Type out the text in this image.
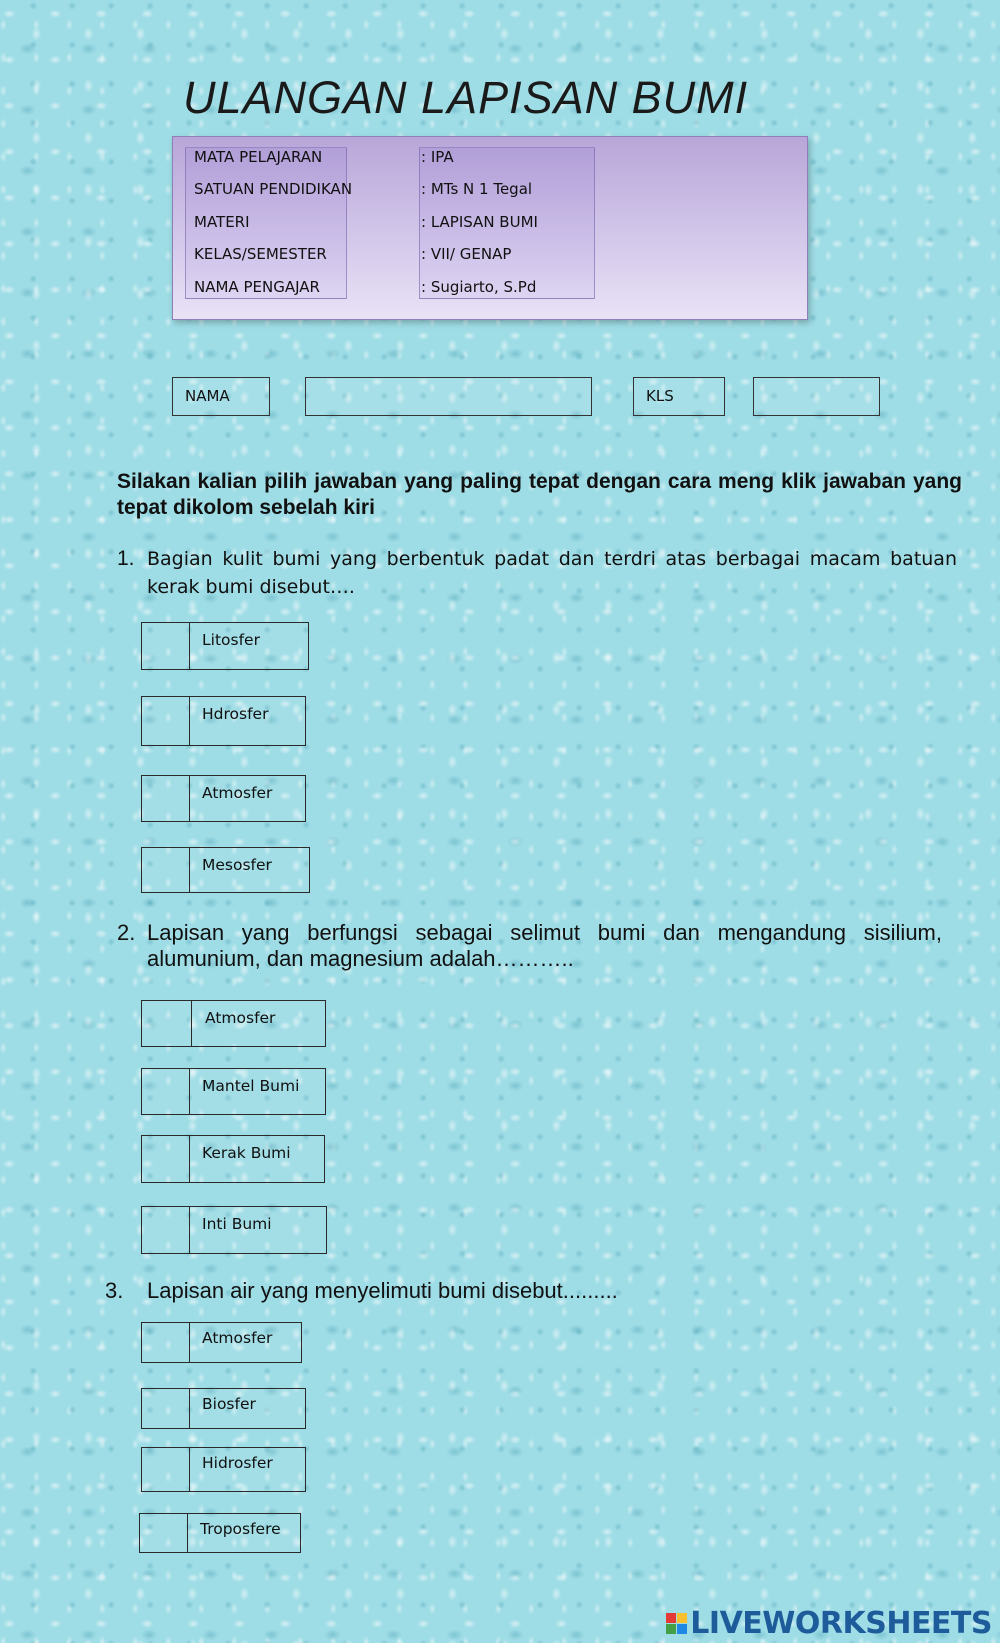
ULANGAN LAPISAN BUMI
MATA PELAJARAN	: IPA
SATUAN PENDIDIKAN	: MTs N 1 Tegal
MATERI	: LAPISAN BUMI
KELAS/SEMESTER	: VII/ GENAP
NAMA PENGAJAR	: Sugiarto, S.Pd
NAMA	KLS
Silakan kalian pilih jawaban yang paling tepat dengan cara meng klik jawaban yang tepat dikolom sebelah kiri
1. Bagian kulit bumi yang berbentuk padat dan terdri atas berbagai macam batuan kerak bumi disebut….
Litosfer
Hdrosfer
Atmosfer
Mesosfer
2. Lapisan yang berfungsi sebagai selimut bumi dan mengandung sisilium, alumunium, dan magnesium adalah………..
Atmosfer
Mantel Bumi
Kerak Bumi
Inti Bumi
3.	Lapisan air yang menyelimuti bumi disebut.........
Atmosfer
Biosfer
Hidrosfer
Troposfere
LIVEWORKSHEETS
